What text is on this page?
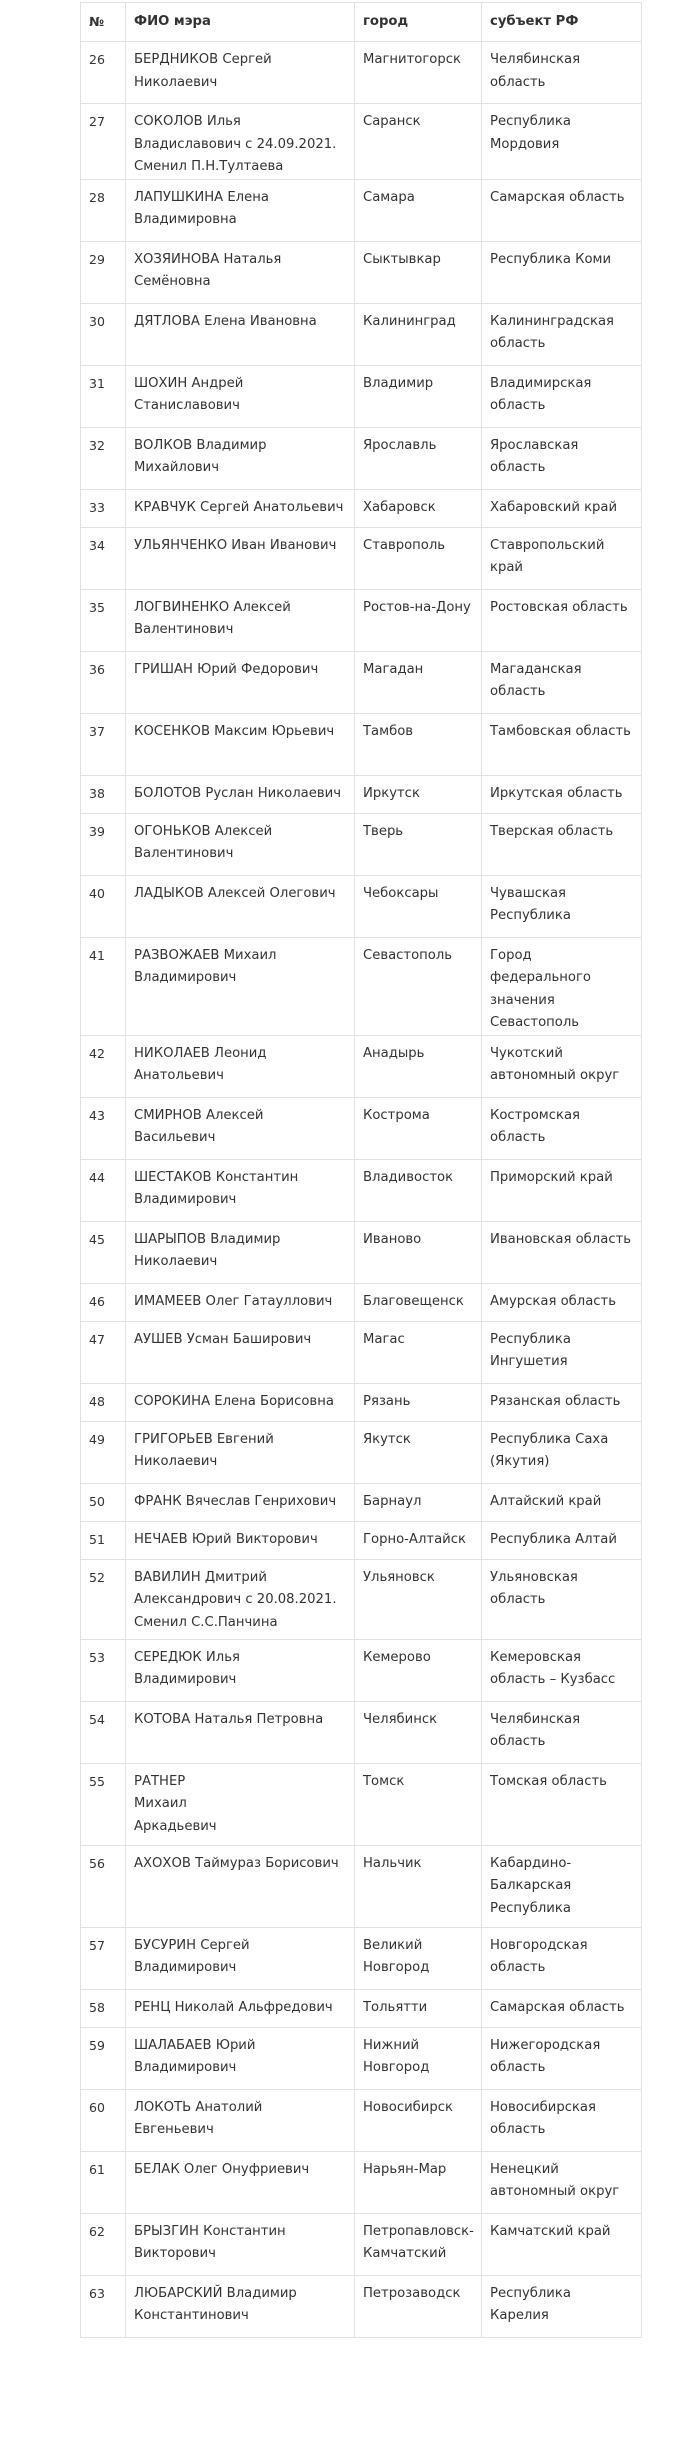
№	ФИО мэра	город	субъект РФ
26	БЕРДНИКОВ Сергей Николаевич	Магнитогорск	Челябинская область
27	СОКОЛОВ Илья Владиславович с 24.09.2021. Сменил П.Н.Тултаева	Саранск	Республика Мордовия
28	ЛАПУШКИНА Елена Владимировна	Самара	Самарская область
29	ХОЗЯИНОВА Наталья Семёновна	Сыктывкар	Республика Коми
30	ДЯТЛОВА Елена Ивановна	Калининград	Калининградская область
31	ШОХИН Андрей Станиславович	Владимир	Владимирская область
32	ВОЛКОВ Владимир Михайлович	Ярославль	Ярославская область
33	КРАВЧУК Сергей Анатольевич	Хабаровск	Хабаровский край
34	УЛЬЯНЧЕНКО Иван Иванович	Ставрополь	Ставропольский край
35	ЛОГВИНЕНКО Алексей Валентинович	Ростов-на-Дону	Ростовская область
36	ГРИШАН Юрий Федорович	Магадан	Магаданская область
37	КОСЕНКОВ Максим Юрьевич	Тамбов	Тамбовская область
38	БОЛОТОВ Руслан Николаевич	Иркутск	Иркутская область
39	ОГОНЬКОВ Алексей Валентинович	Тверь	Тверская область
40	ЛАДЫКОВ Алексей Олегович	Чебоксары	Чувашская Республика
41	РАЗВОЖАЕВ Михаил Владимирович	Севастополь	Город федерального значения Севастополь
42	НИКОЛАЕВ Леонид Анатольевич	Анадырь	Чукотский автономный округ
43	СМИРНОВ Алексей Васильевич	Кострома	Костромская область
44	ШЕСТАКОВ Константин Владимирович	Владивосток	Приморский край
45	ШАРЫПОВ Владимир Николаевич	Иваново	Ивановская область
46	ИМАМЕЕВ Олег Гатауллович	Благовещенск	Амурская область
47	АУШЕВ Усман Баширович	Магас	Республика Ингушетия
48	СОРОКИНА Елена Борисовна	Рязань	Рязанская область
49	ГРИГОРЬЕВ Евгений Николаевич	Якутск	Республика Саха (Якутия)
50	ФРАНК Вячеслав Генрихович	Барнаул	Алтайский край
51	НЕЧАЕВ Юрий Викторович	Горно-Алтайск	Республика Алтай
52	ВАВИЛИН Дмитрий Александрович с 20.08.2021. Сменил С.С.Панчина	Ульяновск	Ульяновская область
53	СЕРЕДЮК Илья Владимирович	Кемерово	Кемеровская область – Кузбасс
54	КОТОВА Наталья Петровна	Челябинск	Челябинская область
55	РАТНЕР
Михаил
Аркадьевич	Томск	Томская область
56	АХОХОВ Таймураз Борисович	Нальчик	Кабардино-Балкарская Республика
57	БУСУРИН Сергей Владимирович	Великий Новгород	Новгородская область
58	РЕНЦ Николай Альфредович	Тольятти	Самарская область
59	ШАЛАБАЕВ Юрий Владимирович	Нижний Новгород	Нижегородская область
60	ЛОКОТЬ Анатолий Евгеньевич	Новосибирск	Новосибирская область
61	БЕЛАК Олег Онуфриевич	Нарьян-Мар	Ненецкий автономный округ
62	БРЫЗГИН Константин Викторович	Петропавловск-Камчатский	Камчатский край
63	ЛЮБАРСКИЙ Владимир Константинович	Петрозаводск	Республика Карелия
